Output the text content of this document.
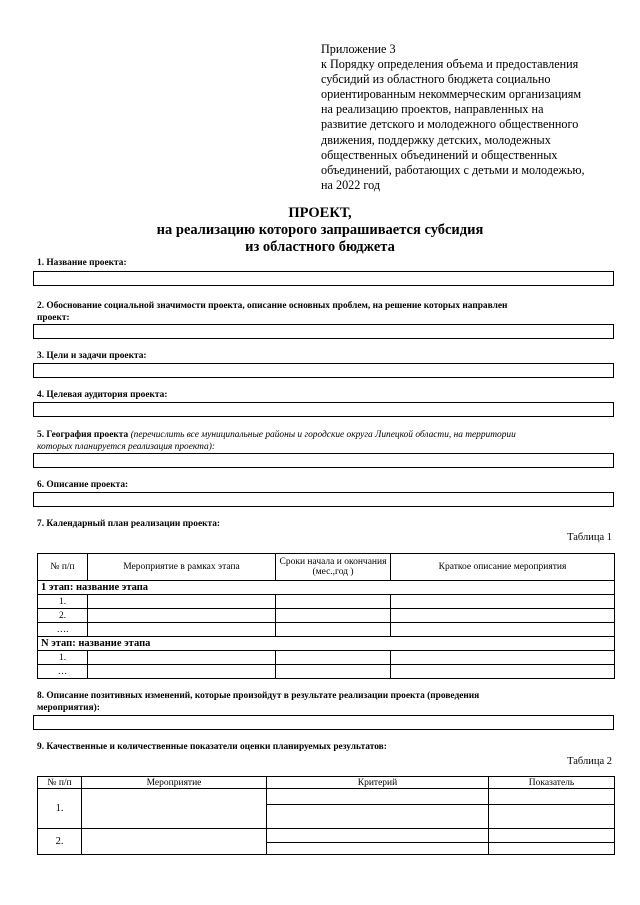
Приложение 3
к Порядку определения объема и предоставления
субсидий из областного бюджета социально
ориентированным некоммерческим организациям
на реализацию проектов, направленных на
развитие детского и молодежного общественного
движения, поддержку детских, молодежных
общественных объединений и общественных
объединений, работающих с детьми и молодежью,
на 2022 год
ПРОЕКТ,
на реализацию которого запрашивается субсидия
из областного бюджета
1. Название проекта:
2. Обоснование социальной значимости проекта, описание основных проблем, на решение которых направлен
проект:
3. Цели и задачи проекта:
4. Целевая аудитория проекта:
5. География проекта (перечислить все муниципальные районы и городские округа Липецкой области, на территории
которых планируется реализация проекта):
6. Описание проекта:
7. Календарный план реализации проекта:
Таблица 1
№ п/п	Мероприятие в рамках этапа	Сроки начала и окончания (мес.,год )	Краткое описание мероприятия
1 этап: название этапа			
1.			
2.			
….			
N этап: название этапа			
1.			
…			
8. Описание позитивных изменений, которые произойдут в результате реализации проекта (проведения
мероприятия):
9. Качественные и количественные показатели оценки планируемых результатов:
Таблица 2
№ п/п	Мероприятие	Критерий	Показатель
1.			

2.			
